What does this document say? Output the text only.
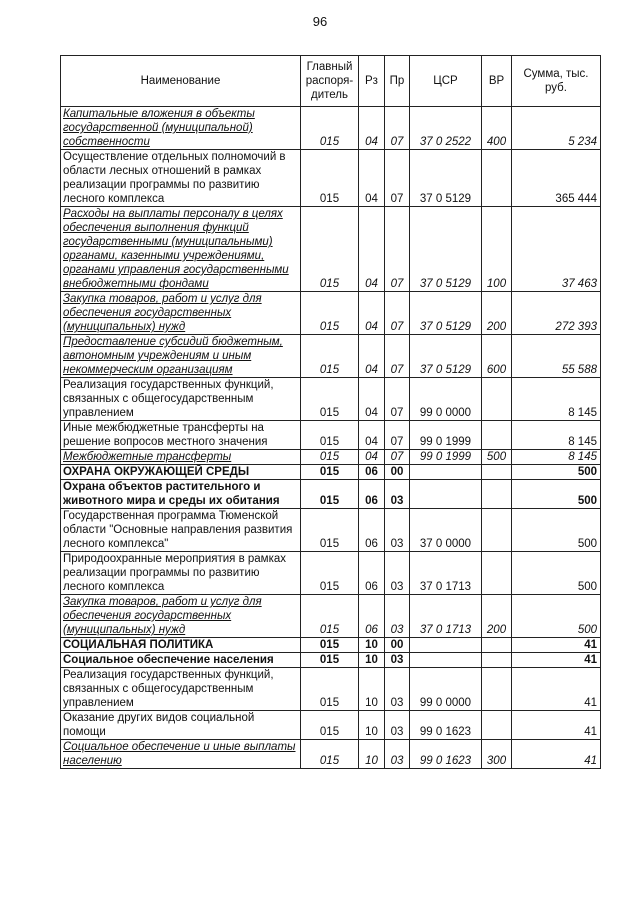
96
Наименование	Главный распоря-дитель	Рз	Пр	ЦСР	ВР	Сумма, тыс. руб.
Капитальные вложения в объекты государственной (муниципальной) собственности	015	04	07	37 0 2522	400	5 234
Осуществление отдельных полномочий в области лесных отношений в рамках реализации программы по развитию лесного комплекса	015	04	07	37 0 5129		365 444
Расходы на выплаты персоналу в целях обеспечения выполнения функций государственными (муниципальными) органами, казенными учреждениями, органами управления государственными внебюджетными фондами	015	04	07	37 0 5129	100	37 463
Закупка товаров, работ и услуг для обеспечения государственных (муниципальных) нужд	015	04	07	37 0 5129	200	272 393
Предоставление субсидий бюджетным, автономным учреждениям и иным некоммерческим организациям	015	04	07	37 0 5129	600	55 588
Реализация государственных функций, связанных с общегосударственным управлением	015	04	07	99 0 0000		8 145
Иные межбюджетные трансферты на решение вопросов местного значения	015	04	07	99 0 1999		8 145
Межбюджетные трансферты	015	04	07	99 0 1999	500	8 145
ОХРАНА ОКРУЖАЮЩЕЙ СРЕДЫ	015	06	00			500
Охрана объектов растительного и животного мира и среды их обитания	015	06	03			500
Государственная программа Тюменской области "Основные направления развития лесного комплекса"	015	06	03	37 0 0000		500
Природоохранные мероприятия в рамках реализации программы по развитию лесного комплекса	015	06	03	37 0 1713		500
Закупка товаров, работ и услуг для обеспечения государственных (муниципальных) нужд	015	06	03	37 0 1713	200	500
СОЦИАЛЬНАЯ ПОЛИТИКА	015	10	00			41
Социальное обеспечение населения	015	10	03			41
Реализация государственных функций, связанных с общегосударственным управлением	015	10	03	99 0 0000		41
Оказание других видов социальной помощи	015	10	03	99 0 1623		41
Социальное обеспечение и иные выплаты населению	015	10	03	99 0 1623	300	41
